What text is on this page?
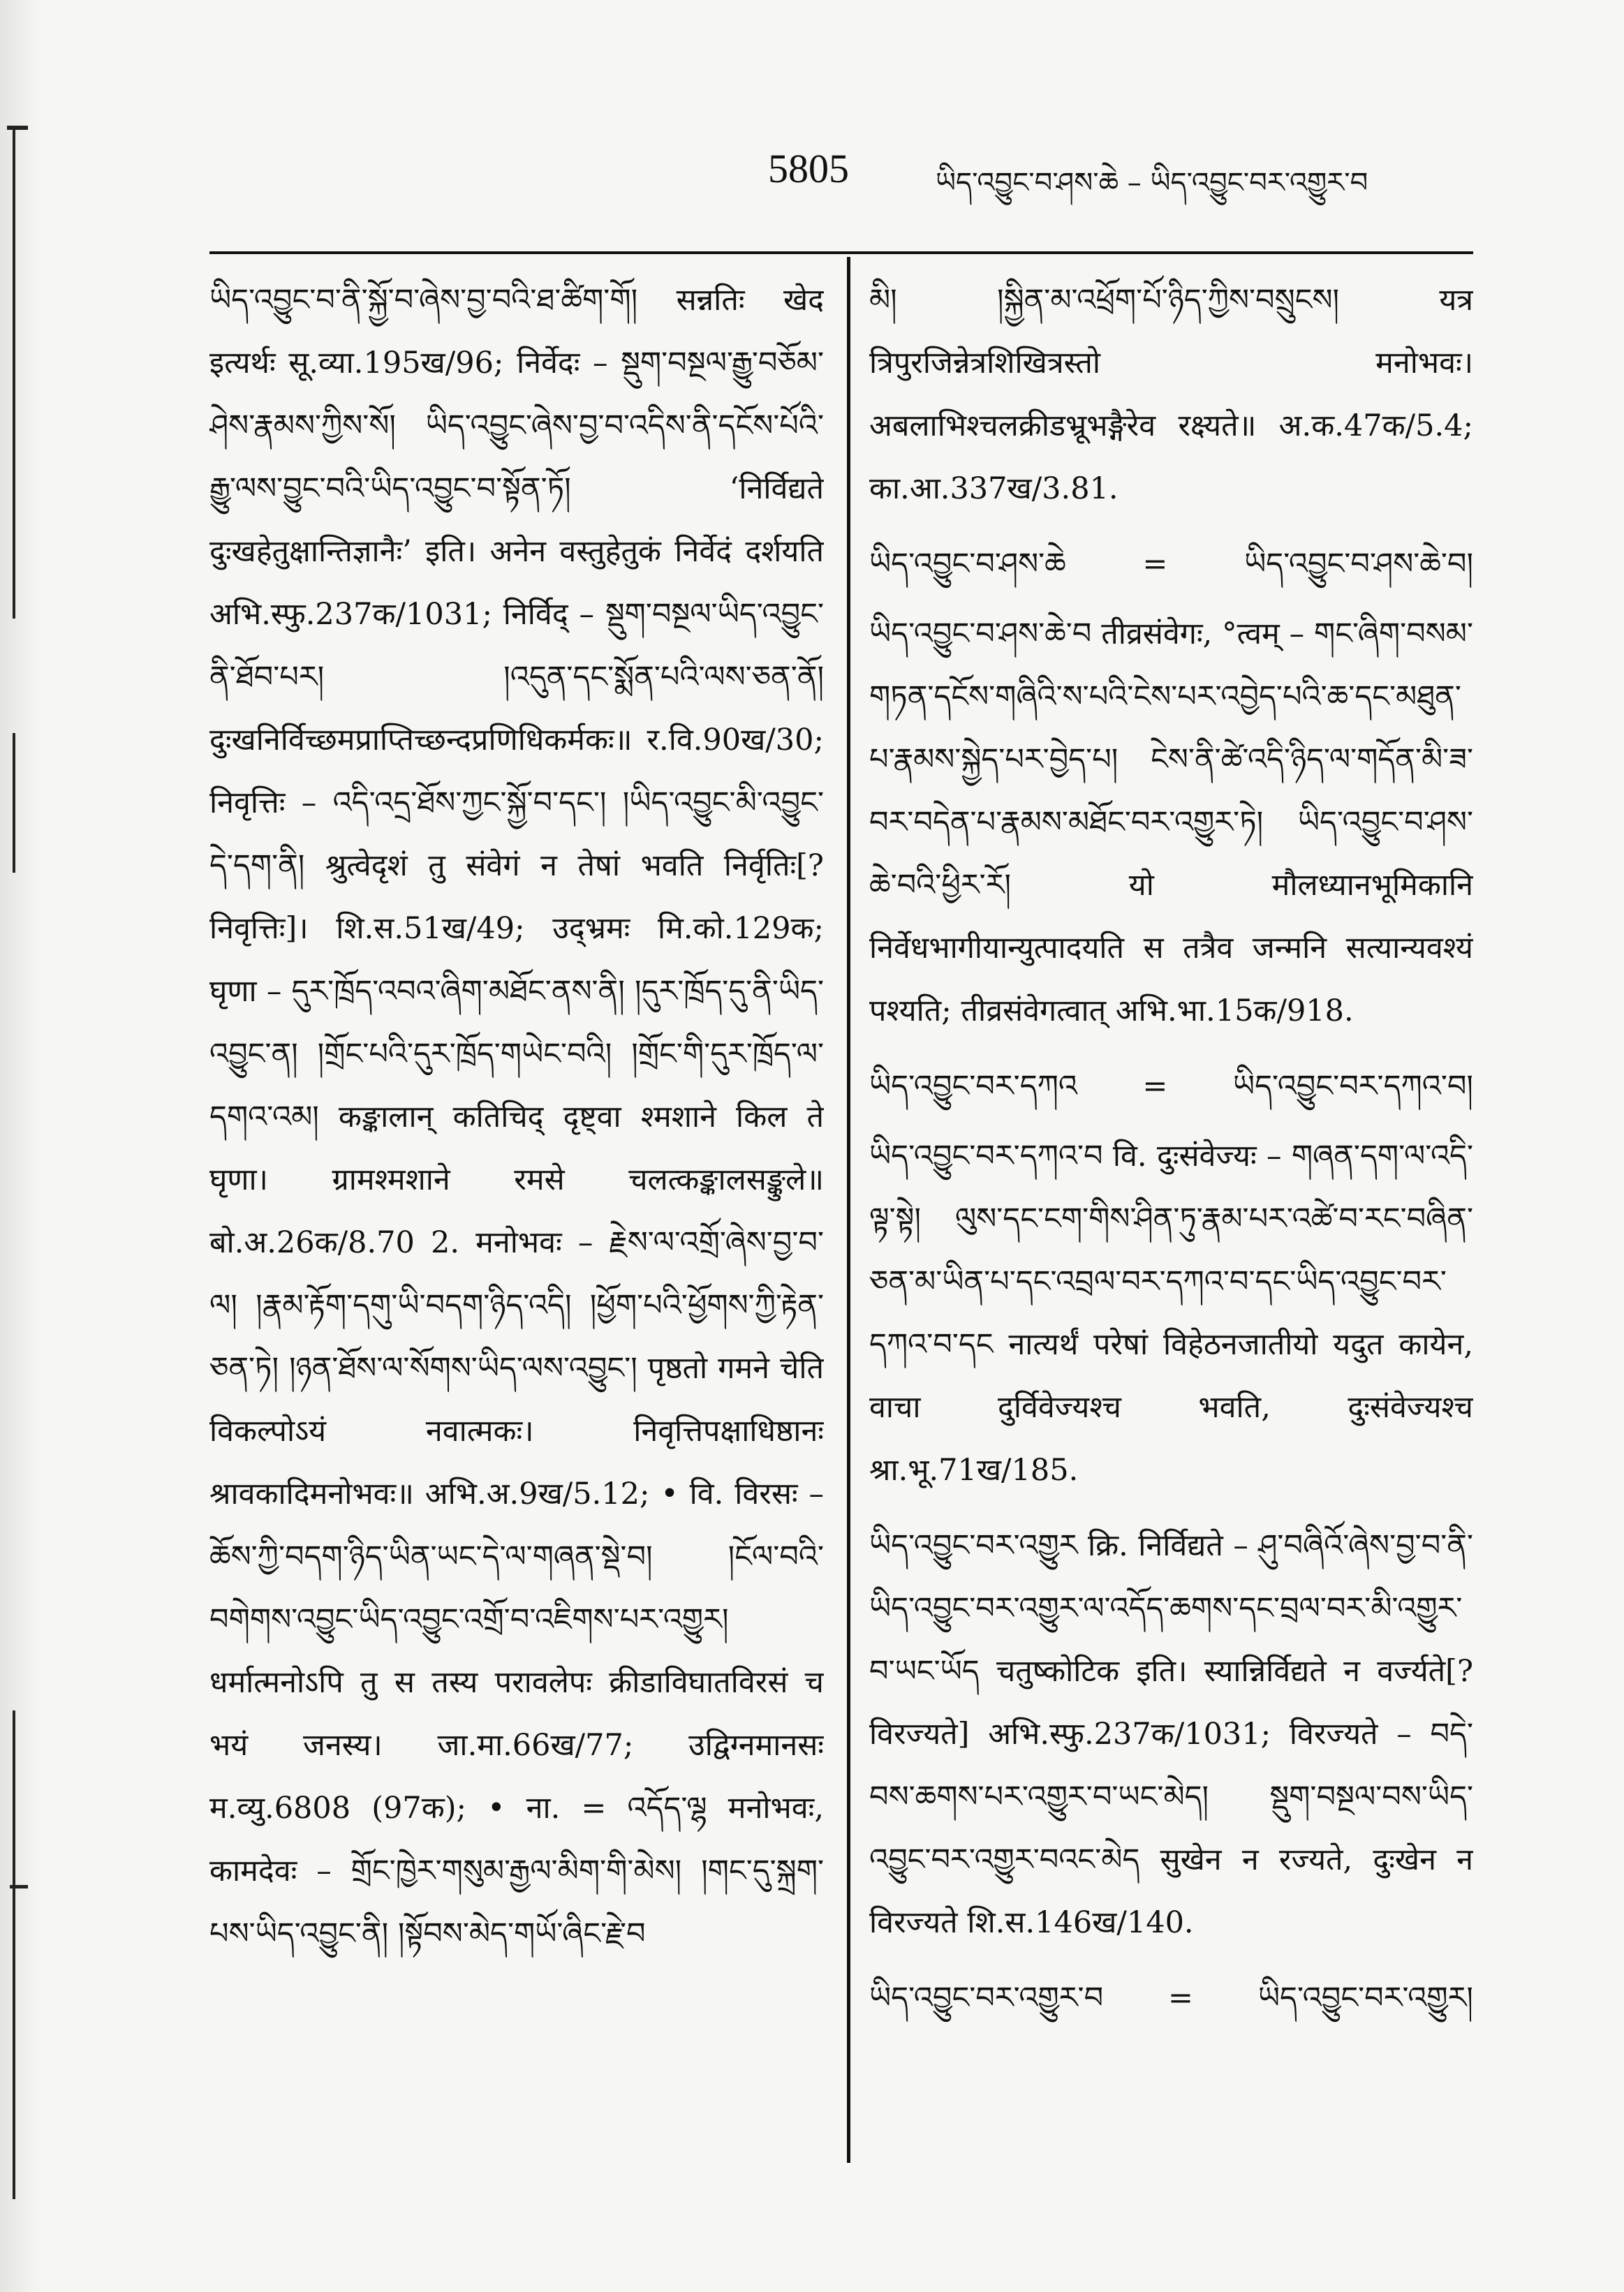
5805	ཡིད་འབྱུང་བ་ཤས་ཆེ – ཡིད་འབྱུང་བར་འགྱུར་བ

ཡིད་འབྱུང་བ་ནི་སྐྱོ་བ་ཞེས་བྱ་བའི་ཐ་ཚིག་གོ། सन्नतिः खेद इत्यर्थः सू.व्या.195ख/96; निर्वेदः – སྡུག་བསྔལ་རྒྱུ་བཅོམ་ཤེས་རྣམས་ཀྱིས་སོ། ཡིད་འབྱུང་ཞེས་བྱ་བ་འདིས་ནི་དངོས་པོའི་རྒྱུ་ལས་བྱུང་བའི་ཡིད་འབྱུང་བ་སྟོན་ཏོ། ‘निर्विद्यते दुःखहेतुक्षान्तिज्ञानैः’ इति। अनेन वस्तुहेतुकं निर्वेदं दर्शयति अभि.स्फु.237क/1031; निर्विद् – སྡུག་བསྔལ་ཡིད་འབྱུང་ནི་ཐོབ་པར། །འདུན་དང་སྨོན་པའི་ལས་ཅན་ནོ། दुःखनिर्विच्छमप्राप्तिच्छन्दप्रणिधिकर्मकः॥ र.वि.90ख/30; निवृत्तिः – འདི་འདྲ་ཐོས་ཀྱང་སྐྱོ་བ་དང་། །ཡིད་འབྱུང་མི་འབྱུང་དེ་དག་ནི། श्रुत्वेदृशं तु संवेगं न तेषां भवति निर्वृतिः[? निवृत्तिः]। शि.स.51ख/49; उद्भ्रमः मि.को.129क; घृणा – དུར་ཁྲོད་འབའ་ཞིག་མཐོང་ནས་ནི། །དུར་ཁྲོད་དུ་ནི་ཡིད་འབྱུང་ན། །གྲོང་པའི་དུར་ཁྲོད་གཡེང་བའི། །གྲོང་གི་དུར་ཁྲོད་ལ་དགའ་འམ། कङ्कालान् कतिचिद् दृष्ट्वा श्मशाने किल ते घृणा। ग्रामश्मशाने रमसे चलत्कङ्कालसङ्कुले॥ बो.अ.26क/8.70 2. मनोभवः – རྗེས་ལ་འགྲོ་ཞེས་བྱ་བ་ལ། །རྣམ་རྟོག་དགུ་ཡི་བདག་ཉིད་འདི། །ཕྱོག་པའི་ཕྱོགས་ཀྱི་རྟེན་ཅན་ཏེ། །ཉན་ཐོས་ལ་སོགས་ཡིད་ལས་འབྱུང་། पृष्ठतो गमने चेति विकल्पोऽयं नवात्मकः। निवृत्तिपक्षाधिष्ठानः श्रावकादिमनोभवः॥ अभि.अ.9ख/5.12; • वि. विरसः – ཆོས་ཀྱི་བདག་ཉིད་ཡིན་ཡང་དེ་ལ་གཞན་སྡེ་བ། །ངོལ་བའི་བགེགས་འབྱུང་ཡིད་འབྱུང་འགྲོ་བ་འཇིགས་པར་འགྱུར། धर्मात्मनोऽपि तु स तस्य परावलेपः क्रीडाविघातविरसं च भयं जनस्य। जा.मा.66ख/77; उद्विग्नमानसः म.व्यु.6808 (97क); • ना. = འདོད་ལྷ मनोभवः, कामदेवः – གྲོང་ཁྱེར་གསུམ་རྒྱལ་མིག་གི་མེས། །གང་དུ་སྐྲག་པས་ཡིད་འབྱུང་ནི། །སྟོབས་མེད་གཡོ་ཞིང་རྗེ་བ

མི། །སྐྱིན་མ་འཕྲོག་པོ་ཉིད་ཀྱིས་བསྲུངས། यत्र त्रिपुरजिन्नेत्रशिखित्रस्तो मनोभवः। अबलाभिश्चलक्रीडभ्रूभङ्गैरेव रक्ष्यते॥ अ.क.47क/5.4; का.आ.337ख/3.81.

ཡིད་འབྱུང་བ་ཤས་ཆེ	=	ཡིད་འབྱུང་བ་ཤས་ཆེ་བ།

ཡིད་འབྱུང་བ་ཤས་ཆེ་བ तीव्रसंवेगः, °त्वम् – གང་ཞིག་བསམ་གཏན་དངོས་གཞིའི་ས་པའི་ངེས་པར་འབྱེད་པའི་ཆ་དང་མཐུན་པ་རྣམས་སྐྱེད་པར་བྱེད་པ། ངེས་ནི་ཚེ་འདི་ཉིད་ལ་གདོན་མི་ཟ་བར་བདེན་པ་རྣམས་མཐོང་བར་འགྱུར་ཏེ། ཡིད་འབྱུང་བ་ཤས་ཆེ་བའི་ཕྱིར་རོ། यो मौलध्यानभूमिकानि निर्वेधभागीयान्युत्पादयति स तत्रैव जन्मनि सत्यान्यवश्यं पश्यति; तीव्रसंवेगत्वात् अभि.भा.15क/918.

ཡིད་འབྱུང་བར་དཀའ	=	ཡིད་འབྱུང་བར་དཀའ་བ།

ཡིད་འབྱུང་བར་དཀའ་བ वि. दुःसंवेज्यः – གཞན་དག་ལ་འདི་ལྟ་སྟེ། ལུས་དང་ངག་གིས་ཤིན་ཏུ་རྣམ་པར་འཚེ་བ་རང་བཞིན་ཅན་མ་ཡིན་པ་དང་འབྲལ་བར་དཀའ་བ་དང་ཡིད་འབྱུང་བར་དཀའ་བ་དང नात्यर्थं परेषां विहेठनजातीयो यदुत कायेन, वाचा दुर्विवेज्यश्च भवति, दुःसंवेज्यश्च श्रा.भू.71ख/185.

ཡིད་འབྱུང་བར་འགྱུར क्रि. निर्विद्यते – ཤུ་བཞིའོ་ཞེས་བྱ་བ་ནི་ཡིད་འབྱུང་བར་འགྱུར་ལ་འདོད་ཆགས་དང་བྲལ་བར་མི་འགྱུར་བ་ཡང་ཡོད चतुष्कोटिक इति। स्यान्निर्विद्यते न वर्ज्यते[? विरज्यते] अभि.स्फु.237क/1031; विरज्यते – བདེ་བས་ཆགས་པར་འགྱུར་བ་ཡང་མེད། སྡུག་བསྔལ་བས་ཡིད་འབྱུང་བར་འགྱུར་བའང་མེད सुखेन न रज्यते, दुःखेन न विरज्यते शि.स.146ख/140.

ཡིད་འབྱུང་བར་འགྱུར་བ	=	ཡིད་འབྱུང་བར་འགྱུར།
